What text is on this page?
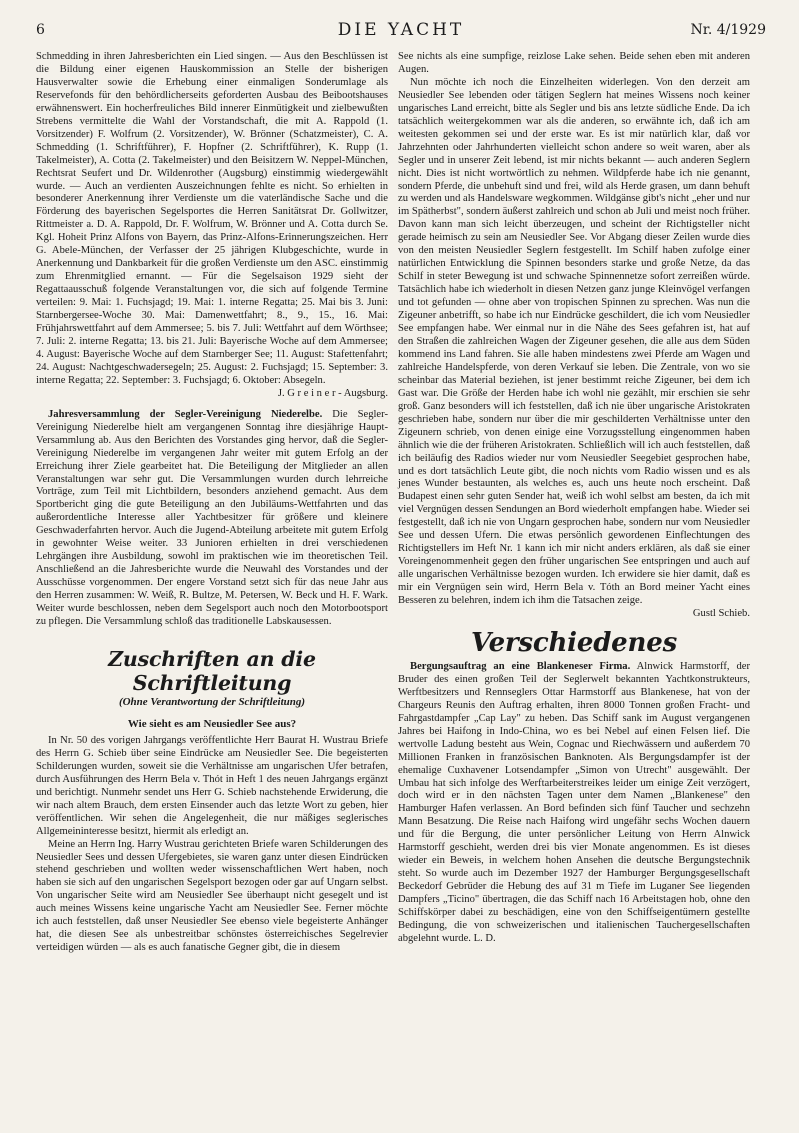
6	DIE YACHT	Nr. 4/1929

Schmedding in ihren Jahresberichten ein Lied singen. — Aus den Beschlüssen ist die Bildung einer eigenen Hauskommission an Stelle der bisherigen Hausverwalter sowie die Erhebung einer einmaligen Sonderumlage als Reservefonds für den behördlicherseits geforderten Ausbau des Beibootshauses erwähnenswert. Ein hocherfreuliches Bild innerer Einmütigkeit und zielbewußten Strebens vermittelte die Wahl der Vorstandschaft, die mit A. Rappold (1. Vorsitzender) F. Wolfrum (2. Vorsitzender), W. Brönner (Schatzmeister), C. A. Schmedding (1. Schriftführer), F. Hopfner (2. Schriftführer), K. Rupp (1. Takelmeister), A. Cotta (2. Takelmeister) und den Beisitzern W. Neppel-München, Rechtsrat Seufert und Dr. Wildenrother (Augsburg) einstimmig wiedergewählt wurde. — Auch an verdienten Auszeichnungen fehlte es nicht. So erhielten in besonderer Anerkennung ihrer Verdienste um die vaterländische Sache und die Förderung des bayerischen Segelsportes die Herren Sanitätsrat Dr. Gollwitzer, Rittmeister a. D. A. Rappold, Dr. F. Wolfrum, W. Brönner und A. Cotta durch Se. Kgl. Hoheit Prinz Alfons von Bayern, das Prinz-Alfons-Erinnerungszeichen. Herr G. Abele-München, der Verfasser der 25 jährigen Klubgeschichte, wurde in Anerkennung und Dankbarkeit für die großen Verdienste um den ASC. einstimmig zum Ehrenmitglied ernannt. — Für die Segelsaison 1929 sieht der Regattaausschuß folgende Veranstaltungen vor, die sich auf folgende Termine verteilen: 9. Mai: 1. Fuchsjagd; 19. Mai: 1. interne Regatta; 25. Mai bis 3. Juni: Starnbergersee-Woche 30. Mai: Damenwettfahrt; 8., 9., 15., 16. Mai: Frühjahrswettfahrt auf dem Ammersee; 5. bis 7. Juli: Wettfahrt auf dem Wörthsee; 7. Juli: 2. interne Regatta; 13. bis 21. Juli: Bayerische Woche auf dem Ammersee; 4. August: Bayerische Woche auf dem Starnberger See; 11. August: Stafettenfahrt; 24. August: Nachtgeschwadersegeln; 25. August: 2. Fuchsjagd; 15. September: 3. interne Regatta; 22. September: 3. Fuchsjagd; 6. Oktober: Absegeln.

J. G r e i n e r - Augsburg.

Jahresversammlung der Segler-Vereinigung Niederelbe. Die Segler-Vereinigung Niederelbe hielt am vergangenen Sonntag ihre diesjährige Haupt-Versammlung ab. Aus den Berichten des Vorstandes ging hervor, daß die Segler-Vereinigung Niederelbe im vergangenen Jahr weiter mit gutem Erfolg an der Erreichung ihrer Ziele gearbeitet hat. Die Beteiligung der Mitglieder an allen Veranstaltungen war sehr gut. Die Versammlungen wurden durch lehrreiche Vorträge, zum Teil mit Lichtbildern, besonders anziehend gemacht. Aus dem Sportbericht ging die gute Beteiligung an den Jubiläums-Wettfahrten und das außerordentliche Interesse aller Yachtbesitzer für größere und kleinere Geschwaderfahrten hervor. Auch die Jugend-Abteilung arbeitete mit gutem Erfolg in gewohnter Weise weiter. 33 Junioren erhielten in drei verschiedenen Lehrgängen ihre Ausbildung, sowohl im praktischen wie im theoretischen Teil. Anschließend an die Jahresberichte wurde die Neuwahl des Vorstandes und der Ausschüsse vorgenommen. Der engere Vorstand setzt sich für das neue Jahr aus den Herren zusammen: W. Weiß, R. Bultze, M. Petersen, W. Beck und H. F. Wark. Weiter wurde beschlossen, neben dem Segelsport auch noch den Motorbootsport zu pflegen. Die Versammlung schloß das traditionelle Labskausessen.

Zuschriften an die Schriftleitung
(Ohne Verantwortung der Schriftleitung)
Wie sieht es am Neusiedler See aus?

In Nr. 50 des vorigen Jahrgangs veröffentlichte Herr Baurat H. Wustrau Briefe des Herrn G. Schieb über seine Eindrücke am Neusiedler See. Die begeisterten Schilderungen wurden, soweit sie die Verhältnisse am ungarischen Ufer betrafen, durch Ausführungen des Herrn Bela v. Thót in Heft 1 des neuen Jahrgangs ergänzt und berichtigt. Nunmehr sendet uns Herr G. Schieb nachstehende Erwiderung, die wir nach altem Brauch, dem ersten Einsender auch das letzte Wort zu geben, hier veröffentlichen. Wir sehen die Angelegenheit, die nur mäßiges seglerisches Allgemeininteresse besitzt, hiermit als erledigt an.

Meine an Herrn Ing. Harry Wustrau gerichteten Briefe waren Schilderungen des Neusiedler Sees und dessen Ufergebietes, sie waren ganz unter diesen Eindrücken stehend geschrieben und wollten weder wissenschaftlichen Wert haben, noch haben sie sich auf den ungarischen Segelsport bezogen oder gar auf Ungarn selbst. Von ungarischer Seite wird am Neusiedler See überhaupt nicht gesegelt und ist auch meines Wissens keine ungarische Yacht am Neusiedler See. Ferner möchte ich auch feststellen, daß unser Neusiedler See ebenso viele begeisterte Anhänger hat, die diesen See als unbestreitbar schönstes österreichisches Segelrevier verteidigen würden — als es auch fanatische Gegner gibt, die in diesem

See nichts als eine sumpfige, reizlose Lake sehen. Beide sehen eben mit anderen Augen.

Nun möchte ich noch die Einzelheiten widerlegen. Von den derzeit am Neusiedler See lebenden oder tätigen Seglern hat meines Wissens noch keiner ungarisches Land erreicht, bitte als Segler und bis ans letzte südliche Ende. Da ich tatsächlich weitergekommen war als die anderen, so erwähnte ich, daß ich am weitesten gekommen sei und der erste war. Es ist mir natürlich klar, daß vor Jahrzehnten oder Jahrhunderten vielleicht schon andere so weit waren, aber als Segler und in unserer Zeit lebend, ist mir nichts bekannt — auch anderen Seglern nicht. Dies ist nicht wortwörtlich zu nehmen. Wildpferde habe ich nie genannt, sondern Pferde, die unbehuft sind und frei, wild als Herde grasen, um dann behuft zu werden und als Handelsware wegkommen. Wildgänse gibt's nicht „eher und nur im Spätherbst", sondern äußerst zahlreich und schon ab Juli und meist noch früher. Davon kann man sich leicht überzeugen, und scheint der Richtigsteller nicht gerade heimisch zu sein am Neusiedler See. Vor Abgang dieser Zeilen wurde dies von den meisten Neusiedler Seglern festgestellt. Im Schilf haben zufolge einer natürlichen Entwicklung die Spinnen besonders starke und große Netze, da das Schilf in steter Bewegung ist und schwache Spinnennetze sofort zerreißen würde. Tatsächlich habe ich wiederholt in diesen Netzen ganz junge Kleinvögel verfangen und tot gefunden — ohne aber von tropischen Spinnen zu sprechen. Was nun die Zigeuner anbetrifft, so habe ich nur Eindrücke geschildert, die ich vom Neusiedler See empfangen habe. Wer einmal nur in die Nähe des Sees gefahren ist, hat auf den Straßen die zahlreichen Wagen der Zigeuner gesehen, die alle aus dem Süden kommend ins Land fahren. Sie alle haben mindestens zwei Pferde am Wagen und zahlreiche Handelspferde, von deren Verkauf sie leben. Die Zentrale, von wo sie scheinbar das Material beziehen, ist jener bestimmt reiche Zigeuner, bei dem ich Gast war. Die Größe der Herden habe ich wohl nie gezählt, mir erschien sie sehr groß. Ganz besonders will ich feststellen, daß ich nie über ungarische Aristokraten geschrieben habe, sondern nur über die mir geschilderten Verhältnisse unter den Zigeunern schrieb, von denen einige eine Vorzugsstellung eingenommen haben ähnlich wie die der früheren Aristokraten. Schließlich will ich auch feststellen, daß ich beiläufig des Radios wieder nur vom Neusiedler Seegebiet gesprochen habe, und es dort tatsächlich Leute gibt, die noch nichts vom Radio wissen und es als jenes Wunder bestaunten, als welches es, auch uns heute noch erscheint. Daß Budapest einen sehr guten Sender hat, weiß ich wohl selbst am besten, da ich mit viel Vergnügen dessen Sendungen an Bord wiederholt empfangen habe. Wieder sei festgestellt, daß ich nie von Ungarn gesprochen habe, sondern nur vom Neusiedler See und dessen Ufern. Die etwas persönlich gewordenen Einflechtungen des Richtigstellers im Heft Nr. 1 kann ich mir nicht anders erklären, als daß sie einer Voreingenommenheit gegen den früher ungarischen See entspringen und auch auf alle ungarischen Verhältnisse bezogen wurden. Ich erwidere sie hier damit, daß es mir ein Vergnügen sein wird, Herrn Bela v. Tóth an Bord meiner Yacht eines Besseren zu belehren, indem ich ihm die Tatsachen zeige.

Gustl Schieb.

Verschiedenes

Bergungsauftrag an eine Blankeneser Firma. Alnwick Harmstorff, der Bruder des einen großen Teil der Seglerwelt bekannten Yachtkonstrukteurs, Werftbesitzers und Rennseglers Ottar Harmstorff aus Blankenese, hat von der Chargeurs Reunis den Auftrag erhalten, ihren 8000 Tonnen großen Fracht- und Fahrgastdampfer „Cap Lay" zu heben. Das Schiff sank im August vergangenen Jahres bei Haifong in Indo-China, wo es bei Nebel auf einen Felsen lief. Die wertvolle Ladung besteht aus Wein, Cognac und Riechwässern und außerdem 70 Millionen Franken in französischen Banknoten. Als Bergungsdampfer ist der ehemalige Cuxhavener Lotsendampfer „Simon von Utrecht" ausgewählt. Der Umbau hat sich infolge des Werftarbeiterstreikes leider um einige Zeit verzögert, doch wird er in den nächsten Tagen unter dem Namen „Blankenese" den Hamburger Hafen verlassen. An Bord befinden sich fünf Taucher und sechzehn Mann Besatzung. Die Reise nach Haifong wird ungefähr sechs Wochen dauern und für die Bergung, die unter persönlicher Leitung von Herrn Alnwick Harmstorff geschieht, werden drei bis vier Monate angenommen. Es ist dieses wieder ein Beweis, in welchem hohen Ansehen die deutsche Bergungstechnik steht. So wurde auch im Dezember 1927 der Hamburger Bergungsgesellschaft Beckedorf Gebrüder die Hebung des auf 31 m Tiefe im Luganer See liegenden Dampfers „Ticino" übertragen, die das Schiff nach 16 Arbeitstagen hob, ohne den Schiffskörper dabei zu beschädigen, eine von den Schiffseigentümern gestellte Bedingung, die von schweizerischen und italienischen Tauchergesellschaften abgelehnt wurde. L. D.
